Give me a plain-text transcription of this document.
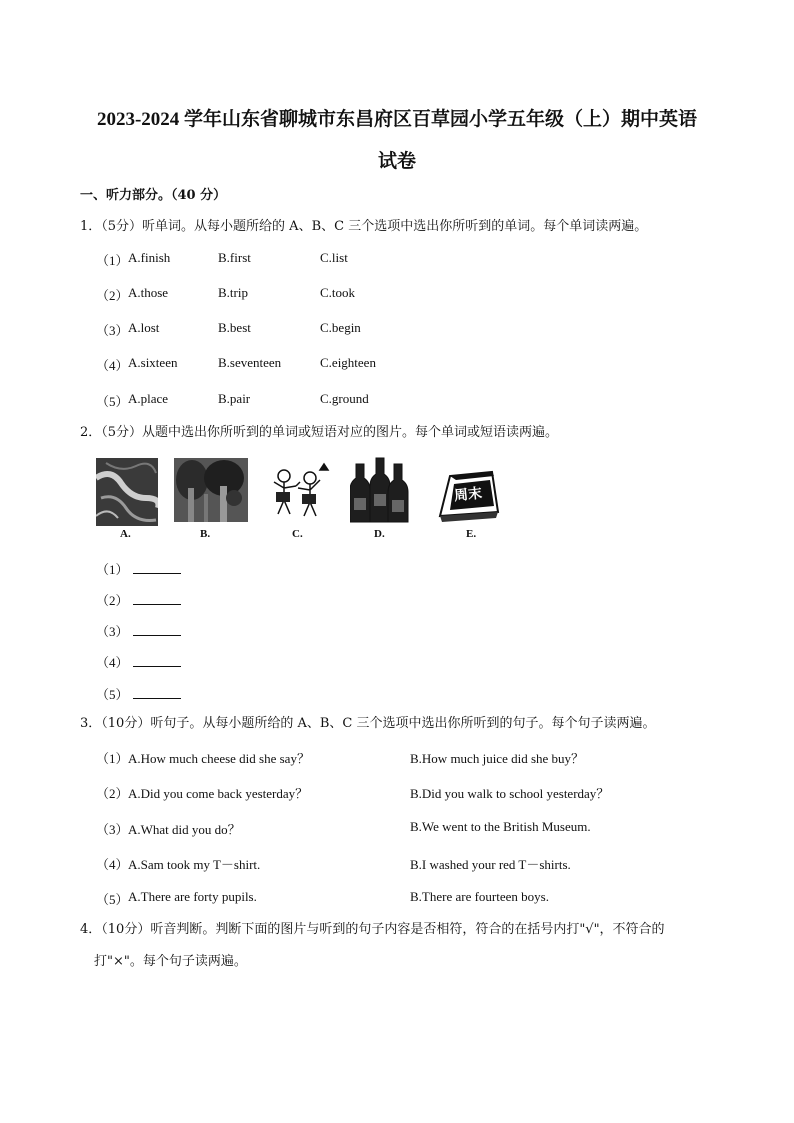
2023-2024 学年山东省聊城市东昌府区百草园小学五年级（上）期中英语
试卷
一、听力部分。（40 分）
1．（5分）听单词。从每小题所给的 A、B、C 三个选项中选出你所听到的单词。每个单词读两遍。
（1） A.finish	B.first	C.list
（2） A.those	B.trip	C.took
（3） A.lost	B.best	C.begin
（4） A.sixteen	B.seventeen	C.eighteen
（5） A.place	B.pair	C.ground
2．（5分）从题中选出你所听到的单词或短语对应的图片。每个单词或短语读两遍。
A.	B.	C.	D.
周末
E.
（1）
（2）
（3）
（4）
（5）
3．（10分）听句子。从每小题所给的 A、B、C 三个选项中选出你所听到的句子。每个句子读两遍。
（1） A.How much cheese did she say？	B.How much juice did she buy？
（2） A.Did you come back yesterday？	B.Did you walk to school yesterday？
（3） A.What did you do？	B.We went to the British Museum.
（4） A.Sam took my T－shirt.	B.I washed your red T－shirts.
（5） A.There are forty pupils.	B.There are fourteen boys.
4．（10分）听音判断。判断下面的图片与听到的句子内容是否相符，符合的在括号内打"√"，不符合的
打"×"。每个句子读两遍。
